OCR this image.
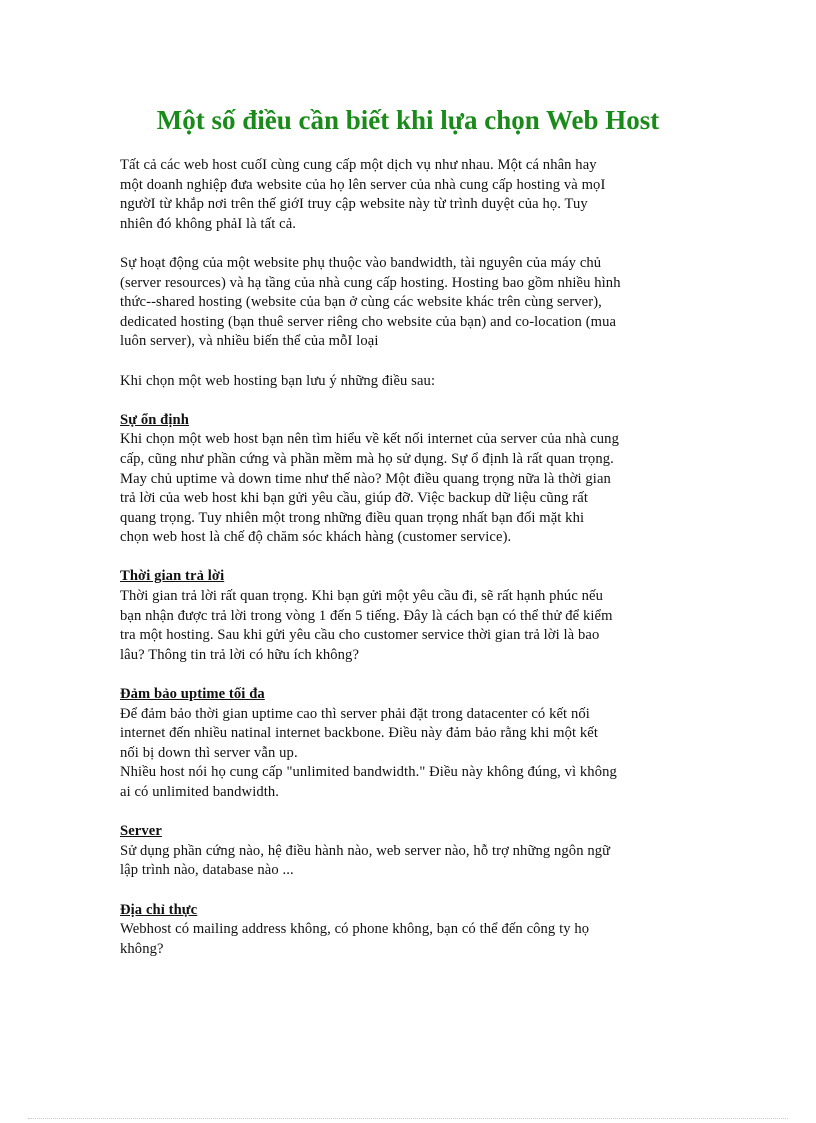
Một số điều cần biết khi lựa chọn Web Host
Tất cả các web host cuốI cùng cung cấp một dịch vụ như nhau. Một cá nhân hay
một doanh nghiệp đưa website của họ lên server của nhà cung cấp hosting và mọI
ngườI từ khắp nơi trên thế giớI truy cập website này từ trình duyệt của họ. Tuy
nhiên đó không phảI là tất cả.
Sự hoạt động của một website phụ thuộc vào bandwidth, tài nguyên của máy chủ
(server resources) và hạ tầng của nhà cung cấp hosting. Hosting bao gồm nhiều hình
thức--shared hosting (website của bạn ở cùng các website khác trên cùng server),
dedicated hosting (bạn thuê server riêng cho website của bạn) and co-location (mua
luôn server), và nhiều biến thể của mỗI loại
Khi chọn một web hosting bạn lưu ý những điều sau:
Sự ổn định
Khi chọn một web host bạn nên tìm hiểu về kết nối internet của server của nhà cung
cấp, cũng như phần cứng và phần mềm mà họ sử dụng. Sự ổ định là rất quan trọng.
May chủ uptime và down time như thế nào? Một điều quang trọng nữa là thời gian
trả lời của web host khi bạn gửi yêu cầu, giúp đỡ. Việc backup dữ liệu cũng rất
quang trọng. Tuy nhiên một trong những điều quan trọng nhất bạn đối mặt khi
chọn web host là chế độ chăm sóc khách hàng (customer service).
Thời gian trả lời
Thời gian trả lời rất quan trọng. Khi bạn gửi một yêu cầu đi, sẽ rất hạnh phúc nếu
bạn nhận được trả lời trong vòng 1 đến 5 tiếng. Đây là cách bạn có thể thử để kiểm
tra một hosting. Sau khi gửi yêu cầu cho customer service thời gian trả lời là bao
lâu? Thông tin trả lời có hữu ích không?
Đảm bảo uptime tối đa
Để đảm bảo thời gian uptime cao thì server phải đặt trong datacenter có kết nối
internet đến nhiều natinal internet backbone. Điều này đảm bảo rằng khi một kết
nối bị down thì server vẫn up.
Nhiều host nói họ cung cấp "unlimited bandwidth." Điều này không đúng, vì không
ai có unlimited bandwidth.
Server
Sử dụng phần cứng nào, hệ điều hành nào, web server nào, hỗ trợ những ngôn ngữ
lập trình nào, database nào ...
Địa chỉ thực
Webhost có mailing address không, có phone không, bạn có thể đến công ty họ
không?
